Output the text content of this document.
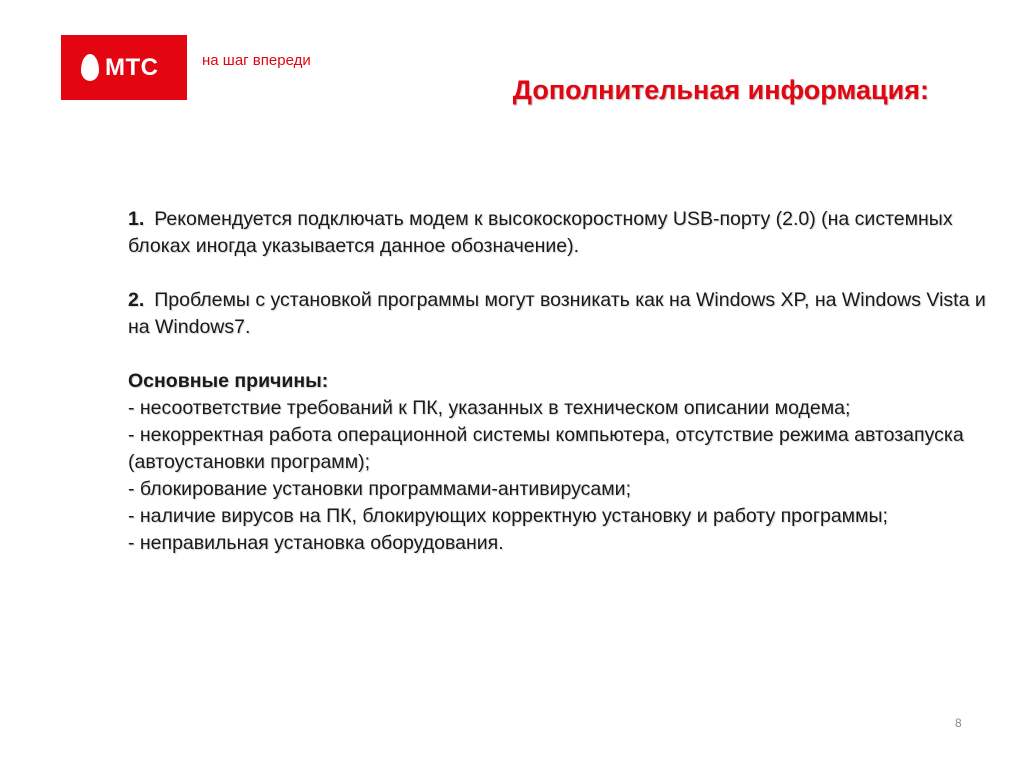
МТС	на шаг впереди
Дополнительная информация:

1. Рекомендуется подключать модем к высокоскоростному USB-порту (2.0) (на системных блоках иногда указывается данное обозначение).

2. Проблемы с установкой программы могут возникать как на Windows XP, на Windows Vista и на Windows7.

Основные причины:

- несоответствие требований к ПК, указанных в техническом описании модема;

- некорректная работа операционной системы компьютера, отсутствие режима автозапуска (автоустановки программ);

- блокирование установки программами-антивирусами;

- наличие вирусов на ПК, блокирующих корректную установку и работу программы;

- неправильная установка оборудования.

8
